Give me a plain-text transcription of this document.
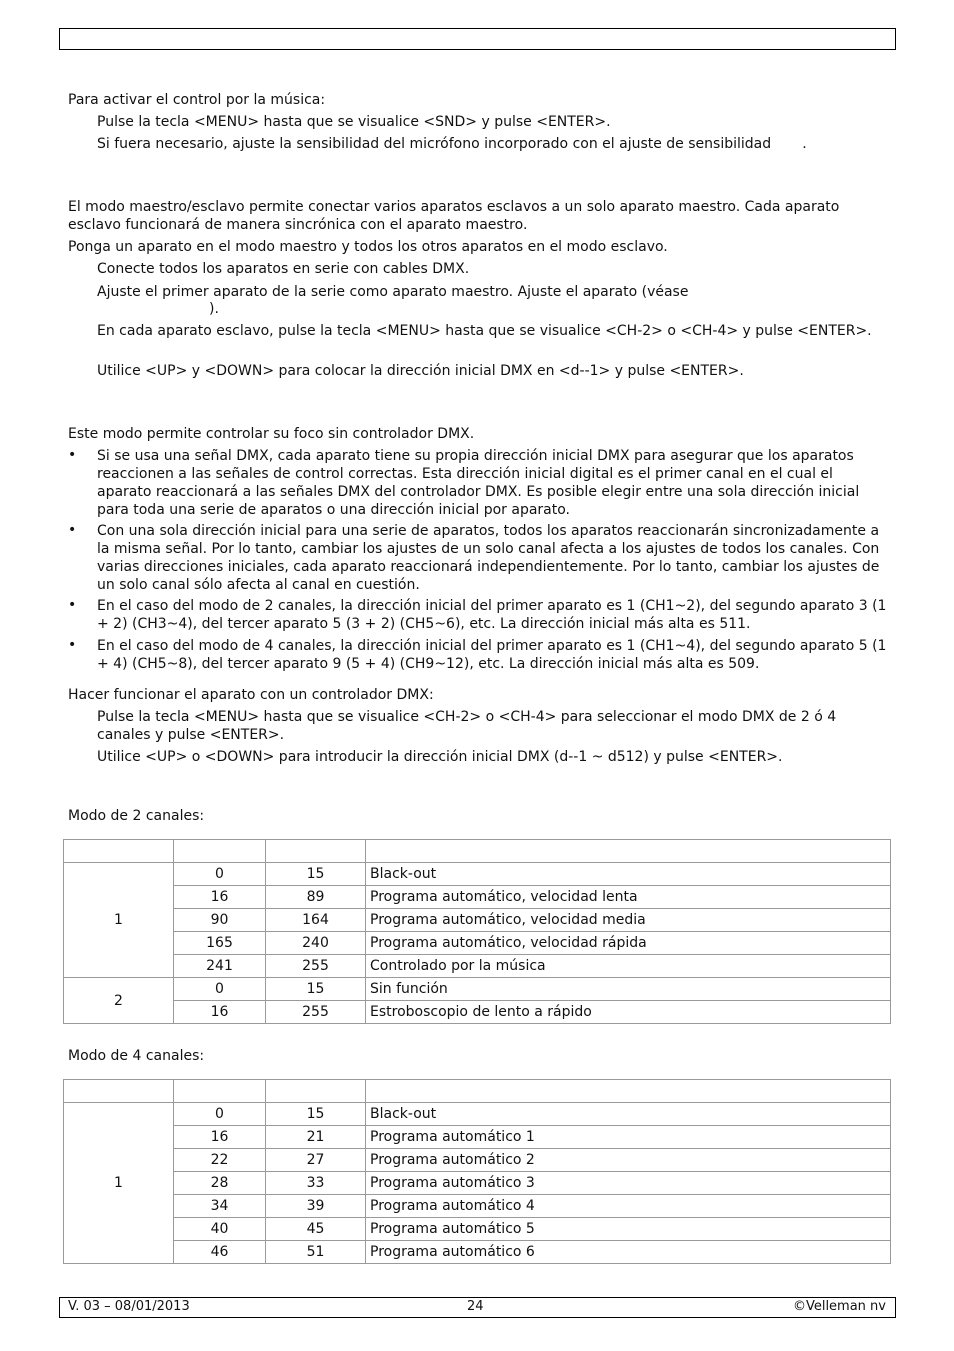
Para activar el control por la música:
Pulse la tecla <MENU> hasta que se visualice <SND> y pulse <ENTER>.
Si fuera necesario, ajuste la sensibilidad del micrófono incorporado con el ajuste de sensibilidad       .
El modo maestro/esclavo permite conectar varios aparatos esclavos a un solo aparato maestro. Cada aparato esclavo funcionará de manera sincrónica con el aparato maestro.
Ponga un aparato en el modo maestro y todos los otros aparatos en el modo esclavo.
Conecte todos los aparatos en serie con cables DMX.
Ajuste el primer aparato de la serie como aparato maestro. Ajuste el aparato (véase
).
En cada aparato esclavo, pulse la tecla <MENU> hasta que se visualice <CH-2> o <CH-4> y pulse <ENTER>.
Utilice <UP> y <DOWN> para colocar la dirección inicial DMX en <d--1> y pulse <ENTER>.
Este modo permite controlar su foco sin controlador DMX.
• Si se usa una señal DMX, cada aparato tiene su propia dirección inicial DMX para asegurar que los aparatos reaccionen a las señales de control correctas. Esta dirección inicial digital es el primer canal en el cual el aparato reaccionará a las señales DMX del controlador DMX. Es posible elegir entre una sola dirección inicial para toda una serie de aparatos o una dirección inicial por aparato.
• Con una sola dirección inicial para una serie de aparatos, todos los aparatos reaccionarán sincronizadamente a la misma señal. Por lo tanto, cambiar los ajustes de un solo canal afecta a los ajustes de todos los canales. Con varias direcciones iniciales, cada aparato reaccionará independientemente. Por lo tanto, cambiar los ajustes de un solo canal sólo afecta al canal en cuestión.
• En el caso del modo de 2 canales, la dirección inicial del primer aparato es 1 (CH1~2), del segundo aparato 3 (1 + 2) (CH3~4), del tercer aparato 5 (3 + 2) (CH5~6), etc. La dirección inicial más alta es 511.
• En el caso del modo de 4 canales, la dirección inicial del primer aparato es 1 (CH1~4), del segundo aparato 5 (1 + 4) (CH5~8), del tercer aparato 9 (5 + 4) (CH9~12), etc. La dirección inicial más alta es 509.
Hacer funcionar el aparato con un controlador DMX:
Pulse la tecla <MENU> hasta que se visualice <CH-2> o <CH-4> para seleccionar el modo DMX de 2 ó 4 canales y pulse <ENTER>.
Utilice <UP> o <DOWN> para introducir la dirección inicial DMX (d--1 ~ d512) y pulse <ENTER>.
Modo de 2 canales:

1	0	15	Black-out
	16	89	Programa automático, velocidad lenta
	90	164	Programa automático, velocidad media
	165	240	Programa automático, velocidad rápida
	241	255	Controlado por la música
2	0	15	Sin función
	16	255	Estroboscopio de lento a rápido
Modo de 4 canales:

1	0	15	Black-out
	16	21	Programa automático 1
	22	27	Programa automático 2
	28	33	Programa automático 3
	34	39	Programa automático 4
	40	45	Programa automático 5
	46	51	Programa automático 6
V. 03 – 08/01/2013	24	©Velleman nv
